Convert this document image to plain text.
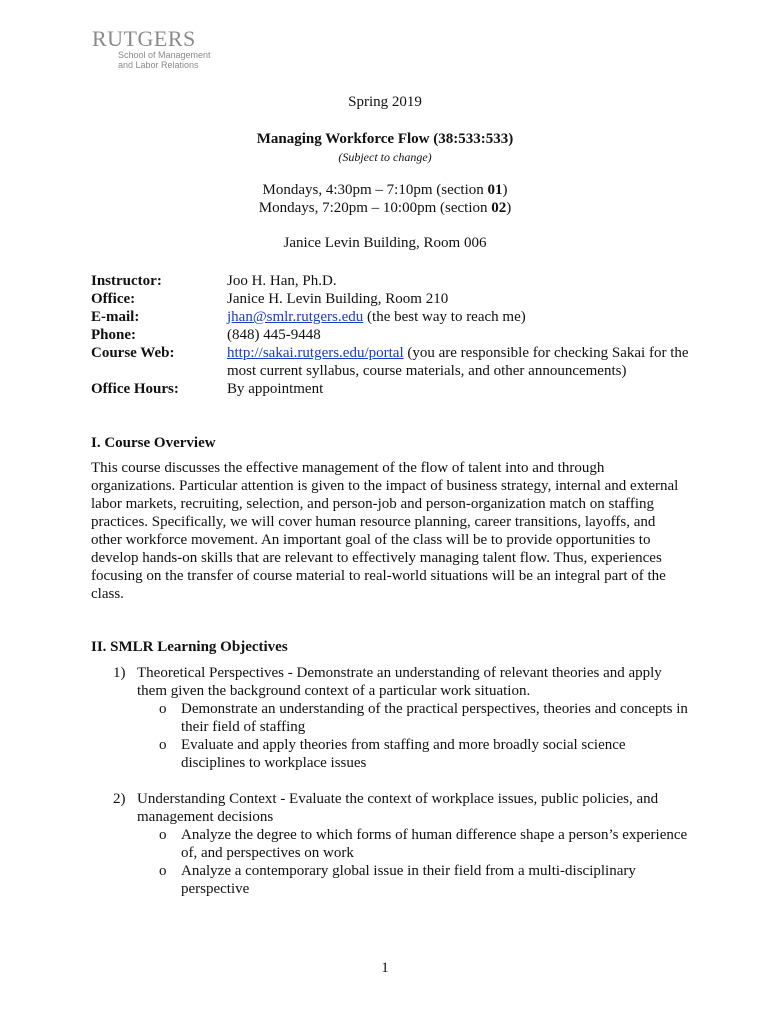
RUTGERS
School of Management
and Labor Relations
Spring 2019
Managing Workforce Flow (38:533:533)
(Subject to change)
Mondays, 4:30pm – 7:10pm (section 01)
Mondays, 7:20pm – 10:00pm (section 02)
Janice Levin Building, Room 006
Instructor:	Joo H. Han, Ph.D.
Office:	Janice H. Levin Building, Room 210
E-mail:	jhan@smlr.rutgers.edu (the best way to reach me)
Phone:	(848) 445-9448
Course Web:	http://sakai.rutgers.edu/portal (you are responsible for checking Sakai for the most current syllabus, course materials, and other announcements)
Office Hours:	By appointment
I. Course Overview
This course discusses the effective management of the flow of talent into and through organizations. Particular attention is given to the impact of business strategy, internal and external labor markets, recruiting, selection, and person-job and person-organization match on staffing practices. Specifically, we will cover human resource planning, career transitions, layoffs, and other workforce movement. An important goal of the class will be to provide opportunities to develop hands-on skills that are relevant to effectively managing talent flow. Thus, experiences focusing on the transfer of course material to real-world situations will be an integral part of the class.
II. SMLR Learning Objectives
1) Theoretical Perspectives - Demonstrate an understanding of relevant theories and apply them given the background context of a particular work situation.
o Demonstrate an understanding of the practical perspectives, theories and concepts in their field of staffing
o Evaluate and apply theories from staffing and more broadly social science disciplines to workplace issues
2) Understanding Context - Evaluate the context of workplace issues, public policies, and management decisions
o Analyze the degree to which forms of human difference shape a person’s experience of, and perspectives on work
o Analyze a contemporary global issue in their field from a multi-disciplinary perspective
1
